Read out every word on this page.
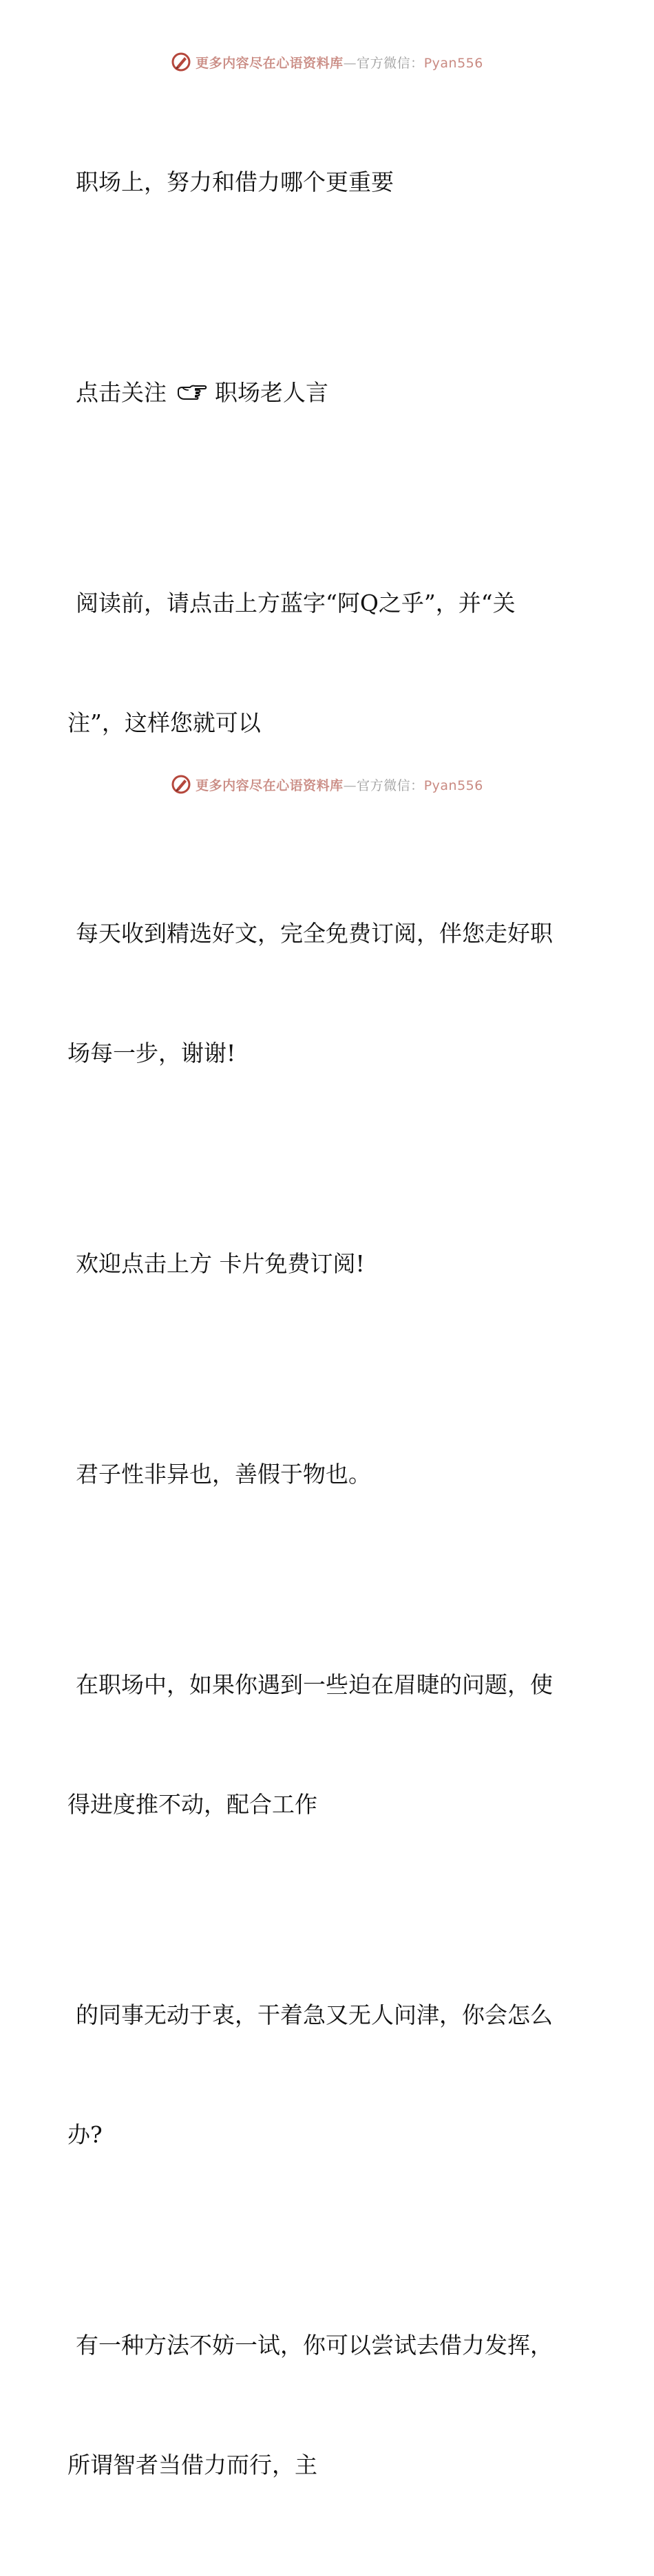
更多内容尽在心语资料库—官方微信：Pyan556

职场上，努力和借力哪个更重要

点击关注 职场老人言

阅读前，请点击上方蓝字“阿Q之乎”，并“关

注”，这样您就可以

每天收到精选好文，完全免费订阅，伴您走好职

场每一步，谢谢!

欢迎点击上方 卡片免费订阅!

君子性非异也，善假于物也。

在职场中，如果你遇到一些迫在眉睫的问题，使

得进度推不动，配合工作

的同事无动于衷，干着急又无人问津，你会怎么

办?

有一种方法不妨一试，你可以尝试去借力发挥，

所谓智者当借力而行，主

更多内容尽在心语资料库—官方微信：Pyan556
